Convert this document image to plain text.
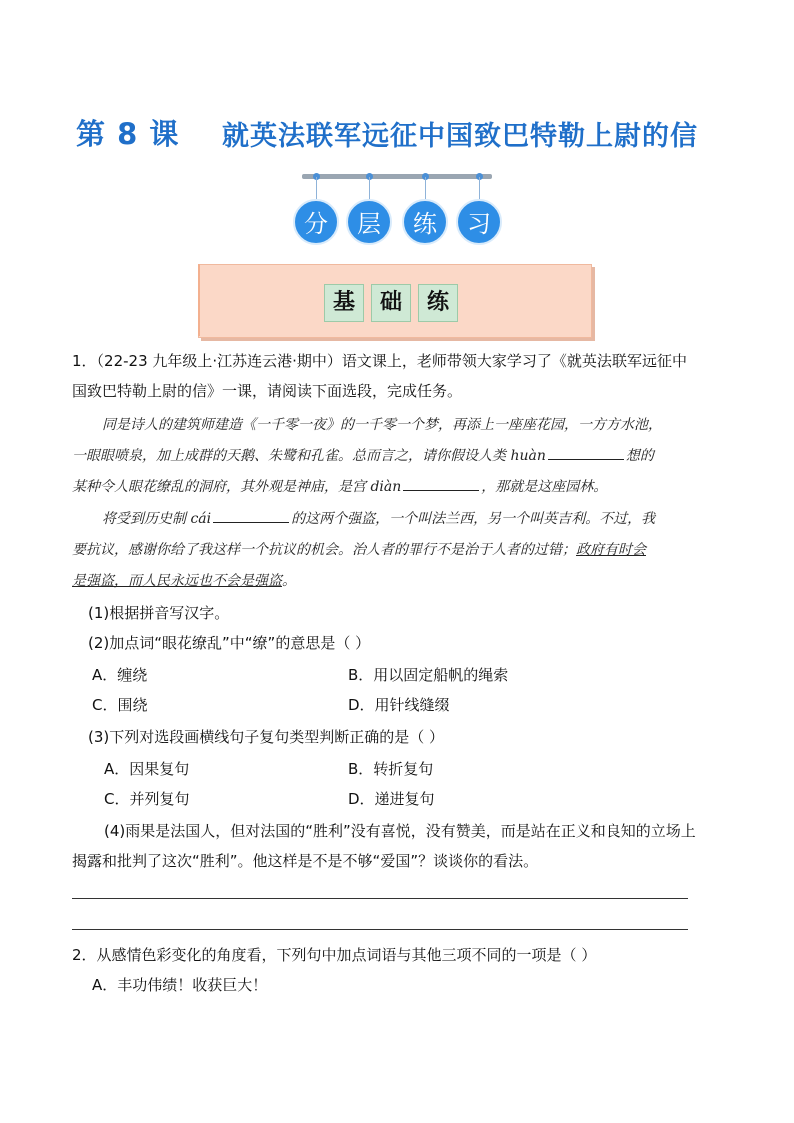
第 8 课 就英法联军远征中国致巴特勒上尉的信
分	层	练	习
基	础	练
1．（22-23 九年级上·江苏连云港·期中）语文课上，老师带领大家学习了《就英法联军远征中
国致巴特勒上尉的信》一课，请阅读下面选段，完成任务。
同是诗人的建筑师建造《一千零一夜》的一千零一个梦，再添上一座座花园，一方方水池，
一眼眼喷泉，加上成群的天鹅、朱鹭和孔雀。总而言之，请你假设人类 huàn	想的
某种令人眼花缭乱的洞府，其外观是神庙，是宫 diàn	，那就是这座园林。
将受到历史制 cái	的这两个强盗，一个叫法兰西，另一个叫英吉利。不过，我
要抗议，感谢你给了我这样一个抗议的机会。治人者的罪行不是治于人者的过错；政府有时会
是强盗，而人民永远也不会是强盗。
(1)根据拼音写汉字。
(2)加点词“眼花缭乱”中“缭”的意思是（ ）
A．缠绕	B．用以固定船帆的绳索
C．围绕	D．用针线缝缀
(3)下列对选段画横线句子复句类型判断正确的是（ ）
A．因果复句	B．转折复句
C．并列复句	D．递进复句
(4)雨果是法国人，但对法国的“胜利”没有喜悦，没有赞美，而是站在正义和良知的立场上
揭露和批判了这次“胜利”。他这样是不是不够“爱国”？谈谈你的看法。
2．从感情色彩变化的角度看，下列句中加点词语与其他三项不同的一项是（ ）
A．丰功伟绩！收获巨大！
